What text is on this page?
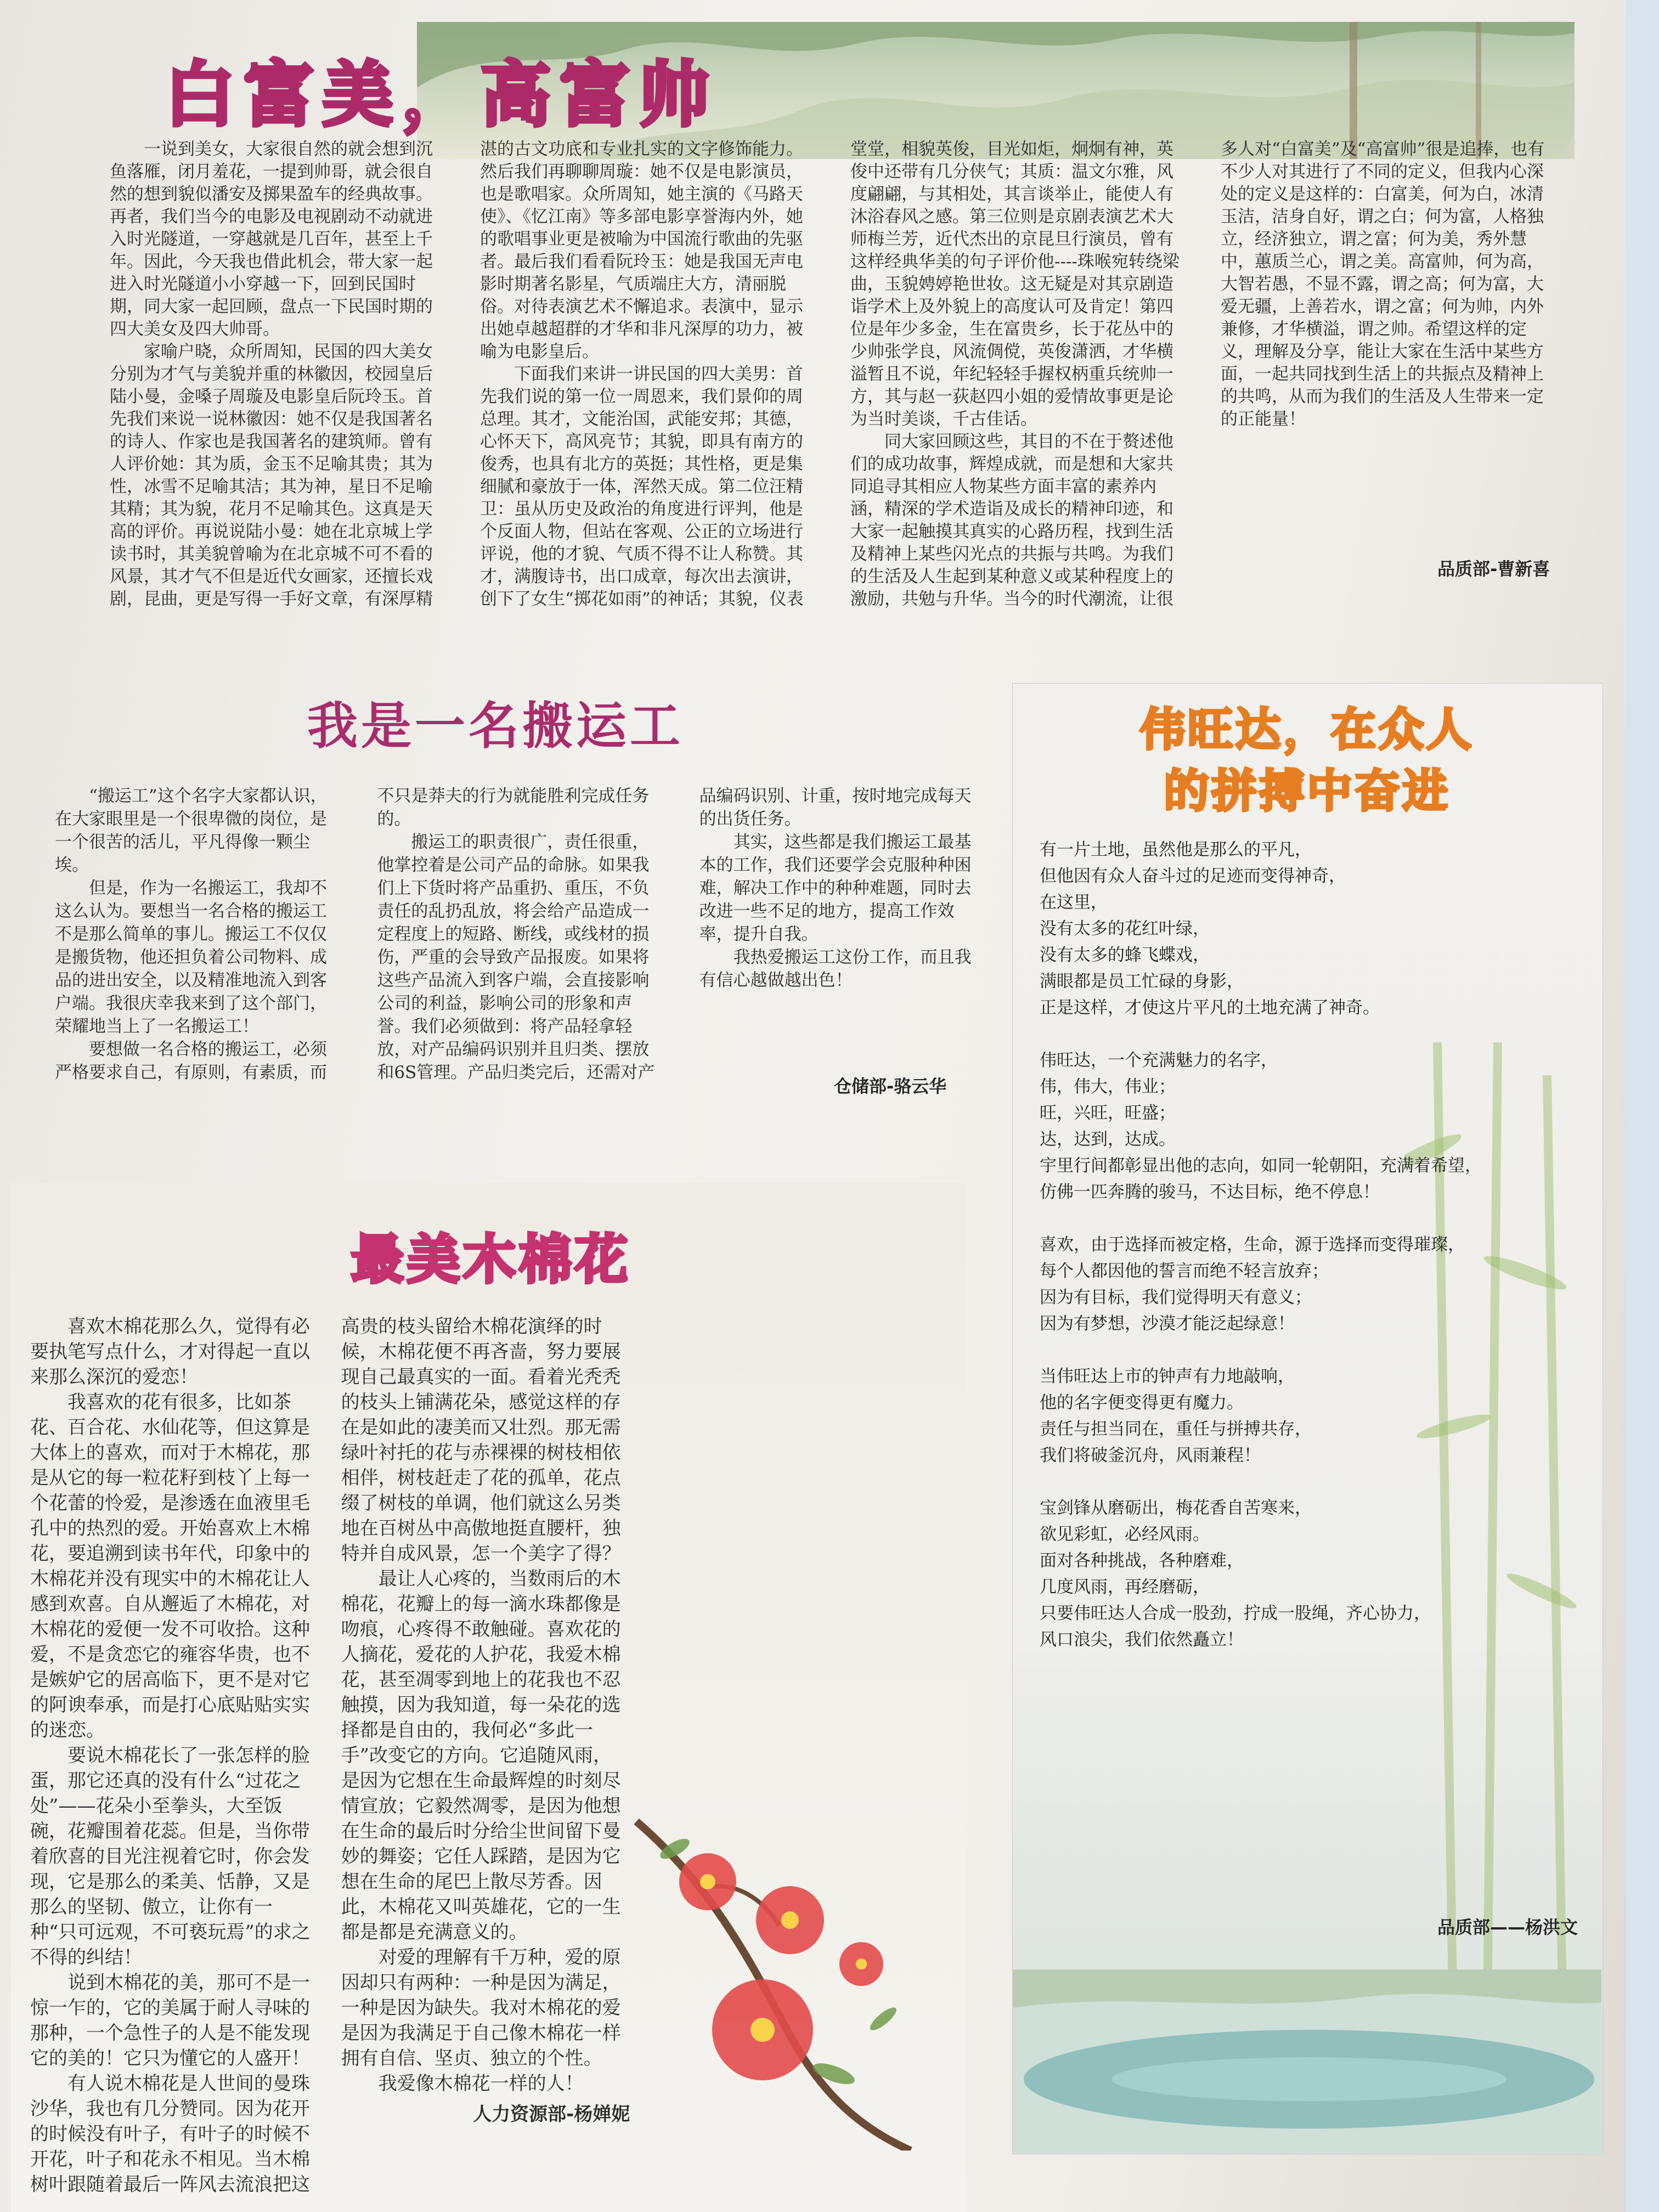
白富美，高富帅

一说到美女，大家很自然的就会想到沉鱼落雁，闭月羞花，一提到帅哥，就会很自然的想到貌似潘安及掷果盈车的经典故事。再者，我们当今的电影及电视剧动不动就进入时光隧道，一穿越就是几百年，甚至上千年。因此，今天我也借此机会，带大家一起进入时光隧道小小穿越一下，回到民国时期，同大家一起回顾，盘点一下民国时期的四大美女及四大帅哥。

家喻户晓，众所周知，民国的四大美女分别为才气与美貌并重的林徽因，校园皇后陆小曼，金嗓子周璇及电影皇后阮玲玉。首先我们来说一说林徽因：她不仅是我国著名的诗人、作家也是我国著名的建筑师。曾有人评价她：其为质，金玉不足喻其贵；其为性，冰雪不足喻其洁；其为神，星日不足喻其精；其为貌，花月不足喻其色。这真是天高的评价。再说说陆小曼：她在北京城上学读书时，其美貌曾喻为在北京城不可不看的风景，其才气不但是近代女画家，还擅长戏剧，昆曲，更是写得一手好文章，有深厚精湛的古文功底和专业扎实的文字修饰能力。然后我们再聊聊周璇：她不仅是电影演员，也是歌唱家。众所周知，她主演的《马路天使》、《忆江南》等多部电影享誉海内外，她的歌唱事业更是被喻为中国流行歌曲的先驱者。最后我们看看阮玲玉：她是我国无声电影时期著名影星，气质端庄大方，清丽脱俗。对待表演艺术不懈追求。表演中，显示出她卓越超群的才华和非凡深厚的功力，被喻为电影皇后。

下面我们来讲一讲民国的四大美男：首先我们说的第一位一周恩来，我们景仰的周总理。其才，文能治国，武能安邦；其德，心怀天下，高风亮节；其貌，即具有南方的俊秀，也具有北方的英挺；其性格，更是集细腻和豪放于一体，浑然天成。第二位汪精卫：虽从历史及政治的角度进行评判，他是个反面人物，但站在客观、公正的立场进行评说，他的才貌、气质不得不让人称赞。其才，满腹诗书，出口成章，每次出去演讲，创下了女生“掷花如雨”的神话；其貌，仪表堂堂，相貌英俊，目光如炬，炯炯有神，英俊中还带有几分侠气；其质：温文尔雅，风度翩翩，与其相处，其言谈举止，能使人有沐浴春风之感。第三位则是京剧表演艺术大师梅兰芳，近代杰出的京昆旦行演员，曾有这样经典华美的句子评价他----珠喉宛转绕梁曲，玉貌娉婷艳世妆。这无疑是对其京剧造诣学术上及外貌上的高度认可及肯定！第四位是年少多金，生在富贵乡，长于花丛中的少帅张学良，风流倜傥，英俊潇洒，才华横溢暂且不说，年纪轻轻手握权柄重兵统帅一方，其与赵一荻赵四小姐的爱情故事更是论为当时美谈，千古佳话。

同大家回顾这些，其目的不在于赘述他们的成功故事，辉煌成就，而是想和大家共同追寻其相应人物某些方面丰富的素养内涵，精深的学术造诣及成长的精神印迹，和大家一起触摸其真实的心路历程，找到生活及精神上某些闪光点的共振与共鸣。为我们的生活及人生起到某种意义或某种程度上的激励，共勉与升华。当今的时代潮流，让很多人对“白富美”及“高富帅”很是追捧，也有不少人对其进行了不同的定义，但我内心深处的定义是这样的：白富美，何为白，冰清玉洁，洁身自好，谓之白；何为富，人格独立，经济独立，谓之富；何为美，秀外慧中，蕙质兰心，谓之美。高富帅，何为高，大智若愚，不显不露，谓之高；何为富，大爱无疆，上善若水，谓之富；何为帅，内外兼修，才华横溢，谓之帅。希望这样的定义，理解及分享，能让大家在生活中某些方面，一起共同找到生活上的共振点及精神上的共鸣，从而为我们的生活及人生带来一定的正能量！

品质部-曹新喜
我是一名搬运工

“搬运工”这个名字大家都认识，在大家眼里是一个很卑微的岗位，是一个很苦的活儿，平凡得像一颗尘埃。

但是，作为一名搬运工，我却不这么认为。要想当一名合格的搬运工不是那么简单的事儿。搬运工不仅仅是搬货物，他还担负着公司物料、成品的进出安全，以及精准地流入到客户端。我很庆幸我来到了这个部门，荣耀地当上了一名搬运工！

要想做一名合格的搬运工，必须严格要求自己，有原则，有素质，而不只是莽夫的行为就能胜利完成任务的。

搬运工的职责很广，责任很重，他掌控着是公司产品的命脉。如果我们上下货时将产品重扔、重压，不负责任的乱扔乱放，将会给产品造成一定程度上的短路、断线，或线材的损伤，严重的会导致产品报废。如果将这些产品流入到客户端，会直接影响公司的利益，影响公司的形象和声誉。我们必须做到：将产品轻拿轻放，对产品编码识别并且归类、摆放和6S管理。产品归类完后，还需对产品编码识别、计重，按时地完成每天的出货任务。

其实，这些都是我们搬运工最基本的工作，我们还要学会克服种种困难，解决工作中的种种难题，同时去改进一些不足的地方，提高工作效率，提升自我。

我热爱搬运工这份工作，而且我有信心越做越出色！

仓储部-骆云华
最美木棉花

喜欢木棉花那么久，觉得有必要执笔写点什么，才对得起一直以来那么深沉的爱恋！

我喜欢的花有很多，比如茶花、百合花、水仙花等，但这算是大体上的喜欢，而对于木棉花，那是从它的每一粒花籽到枝丫上每一个花蕾的怜爱，是渗透在血液里毛孔中的热烈的爱。开始喜欢上木棉花，要追溯到读书年代，印象中的木棉花并没有现实中的木棉花让人感到欢喜。自从邂逅了木棉花，对木棉花的爱便一发不可收拾。这种爱，不是贪恋它的雍容华贵，也不是嫉妒它的居高临下，更不是对它的阿谀奉承，而是打心底贴贴实实的迷恋。

要说木棉花长了一张怎样的脸蛋，那它还真的没有什么“过花之处”——花朵小至拳头，大至饭碗，花瓣围着花蕊。但是，当你带着欣喜的目光注视着它时，你会发现，它是那么的柔美、恬静，又是那么的坚韧、傲立，让你有一种“只可远观，不可亵玩焉”的求之不得的纠结！

说到木棉花的美，那可不是一惊一乍的，它的美属于耐人寻味的那种，一个急性子的人是不能发现它的美的！它只为懂它的人盛开！

有人说木棉花是人世间的曼珠沙华，我也有几分赞同。因为花开的时候没有叶子，有叶子的时候不开花，叶子和花永不相见。当木棉树叶跟随着最后一阵风去流浪把这高贵的枝头留给木棉花演绎的时候，木棉花便不再吝啬，努力要展现自己最真实的一面。看着光秃秃的枝头上铺满花朵，感觉这样的存在是如此的凄美而又壮烈。那无需绿叶衬托的花与赤裸裸的树枝相依相伴，树枝赶走了花的孤单，花点缀了树枝的单调，他们就这么另类地在百树丛中高傲地挺直腰杆，独特并自成风景，怎一个美字了得？

最让人心疼的，当数雨后的木棉花，花瓣上的每一滴水珠都像是吻痕，心疼得不敢触碰。喜欢花的人摘花，爱花的人护花，我爱木棉花，甚至凋零到地上的花我也不忍触摸，因为我知道，每一朵花的选择都是自由的，我何必“多此一手”改变它的方向。它追随风雨，是因为它想在生命最辉煌的时刻尽情宣放；它毅然凋零，是因为他想在生命的最后时分给尘世间留下曼妙的舞姿；它任人踩踏，是因为它想在生命的尾巴上散尽芳香。因此，木棉花又叫英雄花，它的一生都是都是充满意义的。

对爱的理解有千万种，爱的原因却只有两种：一种是因为满足，一种是因为缺失。我对木棉花的爱是因为我满足于自己像木棉花一样拥有自信、坚贞、独立的个性。

我爱像木棉花一样的人！

人力资源部-杨婵妮

伟旺达，在众人
的拼搏中奋进
有一片土地，虽然他是那么的平凡，
但他因有众人奋斗过的足迹而变得神奇，
在这里，
没有太多的花红叶绿，
没有太多的蜂飞蝶戏，
满眼都是员工忙碌的身影，
正是这样，才使这片平凡的土地充满了神奇。
伟旺达，一个充满魅力的名字，
伟，伟大，伟业；
旺，兴旺，旺盛；
达，达到，达成。
宇里行间都彰显出他的志向，如同一轮朝阳，充满着希望，
仿佛一匹奔腾的骏马，不达目标，绝不停息！
喜欢，由于选择而被定格，生命，源于选择而变得璀璨，
每个人都因他的誓言而绝不轻言放弃；
因为有目标，我们觉得明天有意义；
因为有梦想，沙漠才能泛起绿意！
当伟旺达上市的钟声有力地敲响，
他的名字便变得更有魔力。
责任与担当同在，重任与拼搏共存，
我们将破釜沉舟，风雨兼程！
宝剑锋从磨砺出，梅花香自苦寒来，
欲见彩虹，必经风雨。
面对各种挑战，各种磨难，
几度风雨，再经磨砺，
只要伟旺达人合成一股劲，拧成一股绳，齐心协力，
风口浪尖，我们依然矗立！
品质部——杨洪文
